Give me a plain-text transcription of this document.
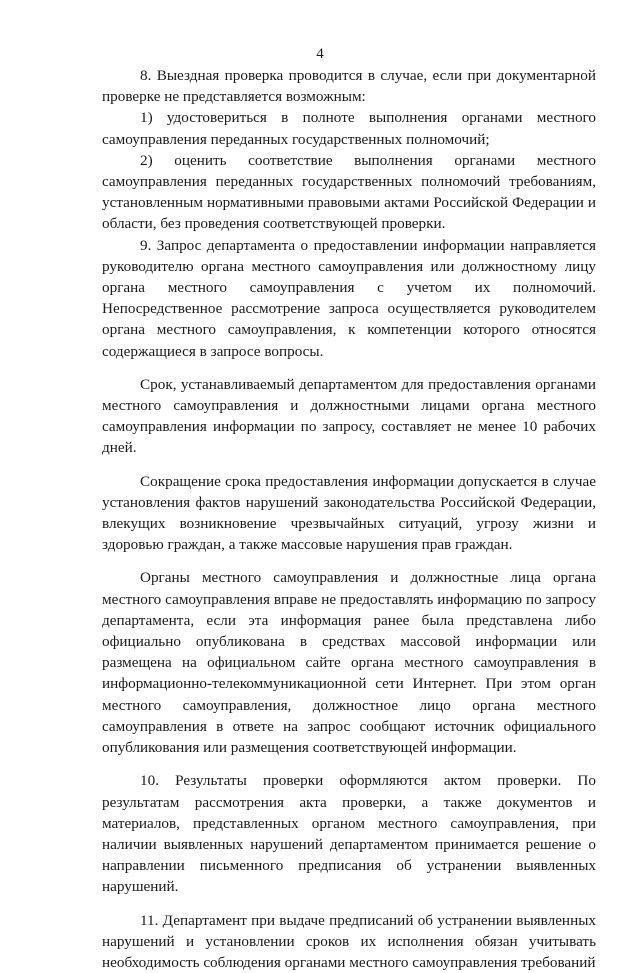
4

8. Выездная проверка проводится в случае, если при документарной проверке не представляется возможным:

1) удостовериться в полноте выполнения органами местного самоуправления переданных государственных полномочий;

2) оценить соответствие выполнения органами местного самоуправления переданных государственных полномочий требованиям, установленным нормативными правовыми актами Российской Федерации и области, без проведения соответствующей проверки.

9. Запрос департамента о предоставлении информации направляется руководителю органа местного самоуправления или должностному лицу органа местного самоуправления с учетом их полномочий. Непосредственное рассмотрение запроса осуществляется руководителем органа местного самоуправления, к компетенции которого относятся содержащиеся в запросе вопросы.

Срок, устанавливаемый департаментом для предоставления органами местного самоуправления и должностными лицами органа местного самоуправления информации по запросу, составляет не менее 10 рабочих дней.

Сокращение срока предоставления информации допускается в случае установления фактов нарушений законодательства Российской Федерации, влекущих возникновение чрезвычайных ситуаций, угрозу жизни и здоровью граждан, а также массовые нарушения прав граждан.

Органы местного самоуправления и должностные лица органа местного самоуправления вправе не предоставлять информацию по запросу департамента, если эта информация ранее была представлена либо официально опубликована в средствах массовой информации или размещена на официальном сайте органа местного самоуправления в информационно-телекоммуникационной сети Интернет. При этом орган местного самоуправления, должностное лицо органа местного самоуправления в ответе на запрос сообщают источник официального опубликования или размещения соответствующей информации.

10. Результаты проверки оформляются актом проверки. По результатам рассмотрения акта проверки, а также документов и материалов, представленных органом местного самоуправления, при наличии выявленных нарушений департаментом принимается решение о направлении письменного предписания об устранении выявленных нарушений.

11. Департамент при выдаче предписаний об устранении выявленных нарушений и установлении сроков их исполнения обязан учитывать необходимость соблюдения органами местного самоуправления требований
